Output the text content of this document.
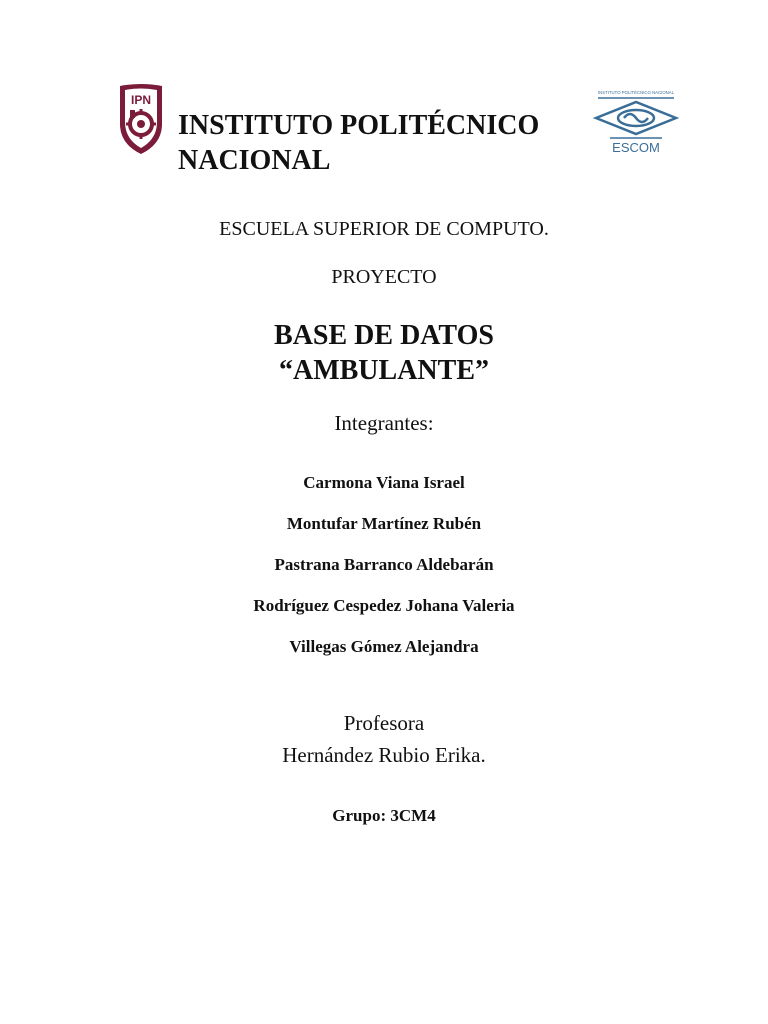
IPN
INSTITUTO POLITÉCNICO NACIONAL
ESCOM
INSTITUTO POLITÉCNICO
NACIONAL
ESCUELA SUPERIOR DE COMPUTO.
PROYECTO
BASE DE DATOS
“AMBULANTE”
Integrantes:
Carmona Viana Israel
Montufar Martínez Rubén
Pastrana Barranco Aldebarán
Rodríguez Cespedez Johana Valeria
Villegas Gómez Alejandra
Profesora
Hernández Rubio Erika.
Grupo: 3CM4
